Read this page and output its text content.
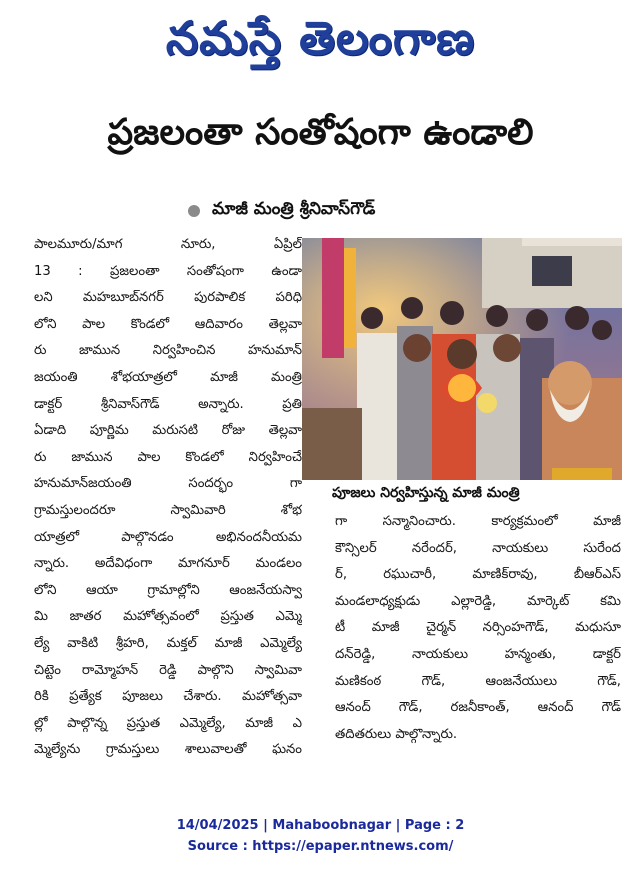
నమస్తే తెలంగాణ
ప్రజలంతా సంతోషంగా ఉండాలి
మాజీ మంత్రి శ్రీనివాస్‌గౌడ్
పాలమూరు/మాగ నూరు, ఏప్రిల్
13 : ప్రజలంతా సంతోషంగా ఉండా
లని మహబూబ్‌నగర్ పురపాలిక పరిధి
లోని పాల కొండలో ఆదివారం తెల్లవా
రు జామున నిర్వహించిన హనుమాన్
జయంతి శోభయాత్రలో మాజీ మంత్రి
డాక్టర్ శ్రీనివాస్‌గౌడ్ అన్నారు. ప్రతి
ఏడాది పూర్ణిమ మరుసటి రోజు తెల్లవా
రు జామున పాల కొండలో నిర్వహించే
హనుమాన్‌జయంతి సందర్భం గా
గ్రామస్తులందరూ స్వామివారి శోభ
యాత్రలో పాల్గొనడం అభినందనీయమ
న్నారు. అదేవిధంగా మాగనూర్ మండలం
లోని ఆయా గ్రామాల్లోని ఆంజనేయస్వా
మి జాతర మహోత్సవంలో ప్రస్తుత ఎమ్మె
ల్యే వాకిటి శ్రీహరి, మక్తల్ మాజీ ఎమ్మెల్యే
చిట్టెం రామ్మోహన్ రెడ్డి పాల్గొని స్వామివా
రికి ప్రత్యేక పూజలు చేశారు. మహోత్సవా
ల్లో పాల్గొన్న ప్రస్తుత ఎమ్మెల్యే, మాజీ ఎ
మ్మెల్యేను గ్రామస్తులు శాలువాలతో ఘనం
పూజలు నిర్వహిస్తున్న మాజీ మంత్రి
గా సన్మానించారు. కార్యక్రమంలో మాజీ
కౌన్సిలర్ నరేందర్, నాయకులు సురేంద
ర్, రఘుచారీ, మాణిక్‌రావు, బీఆర్‌ఎస్
మండలాధ్యక్షుడు ఎల్లారెడ్డి, మార్కెట్ కమి
టీ మాజీ చైర్మన్ నర్సింహగౌడ్, మధుసూ
దన్‌రెడ్డి, నాయకులు హన్మంతు, డాక్టర్
మణికంఠ గౌడ్, ఆంజనేయులు గౌడ్,
ఆనంద్ గౌడ్, రజనీకాంత్, ఆనంద్ గౌడ్
తదితరులు పాల్గొన్నారు.
14/04/2025 | Mahaboobnagar | Page : 2
Source : https://epaper.ntnews.com/
